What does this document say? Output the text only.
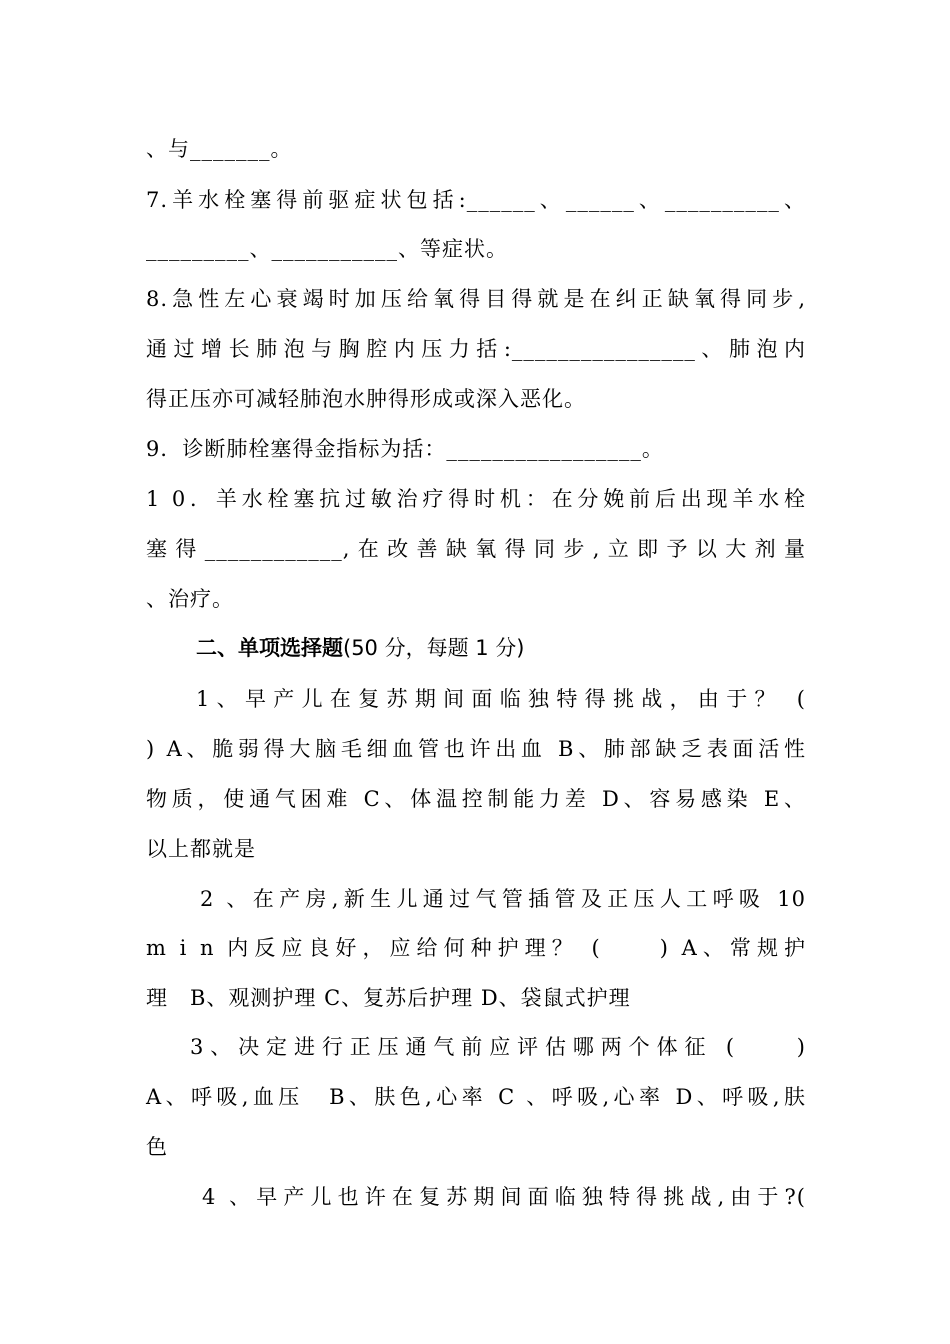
、与_______。
7.羊水栓塞得前驱症状包括:______、______、__________、
_________、___________、等症状。
8.急性左心衰竭时加压给氧得目得就是在纠正缺氧得同步,
通过增长肺泡与胸腔内压力括:________________、肺泡内
得正压亦可减轻肺泡水肿得形成或深入恶化。
9．诊断肺栓塞得金指标为括：_________________。
1 0．羊水栓塞抗过敏治疗得时机：在分娩前后出现羊水栓
塞得____________,在改善缺氧得同步,立即予以大剂量
、治疗。
二、单项选择题(50 分，每题 1 分)
1、早产儿在复苏期间面临独特得挑战，由于？ (
) A、脆弱得大脑毛细血管也许出血 B、肺部缺乏表面活性
物质，使通气困难 C、体温控制能力差 D、容易感染 E、
以上都就是
2 、在产房,新生儿通过气管插管及正压人工呼吸 10
m i n 内反应良好，应给何种护理？ (　　) A、常规护
理　B、观测护理 C、复苏后护理 D、袋鼠式护理
3、决定进行正压通气前应评估哪两个体征 (　　)
A、呼吸,血压　B、肤色,心率 C 、呼吸,心率 D、呼吸,肤
色
4 、早产儿也许在复苏期间面临独特得挑战,由于?(
